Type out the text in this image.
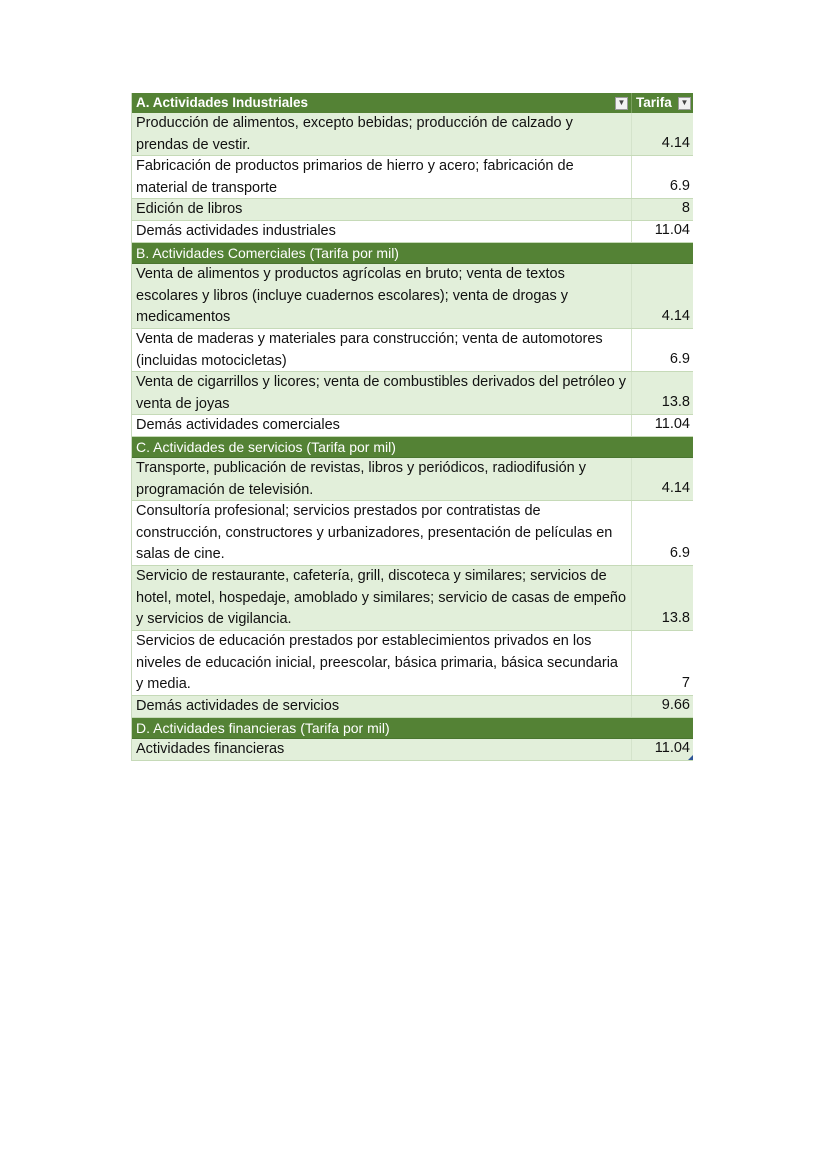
A. Actividades Industriales	▼ Tarifa	▼
Producción de alimentos, excepto bebidas; producción de calzado y prendas de vestir.	4.14
Fabricación de productos primarios de hierro y acero; fabricación de material de transporte	6.9
Edición de libros	8
Demás actividades industriales	11.04
B. Actividades Comerciales (Tarifa por mil)
Venta de alimentos y productos agrícolas en bruto; venta de textos escolares y libros (incluye cuadernos escolares); venta de drogas y medicamentos	4.14
Venta de maderas y materiales para construcción; venta de automotores (incluidas motocicletas)	6.9
Venta de cigarrillos y licores; venta de combustibles derivados del petróleo y venta de joyas	13.8
Demás actividades comerciales	11.04
C. Actividades de servicios (Tarifa por mil)
Transporte, publicación de revistas, libros y periódicos, radiodifusión y programación de televisión.	4.14
Consultoría profesional; servicios prestados por contratistas de construcción, constructores y urbanizadores, presentación de películas en salas de cine.	6.9
Servicio de restaurante, cafetería, grill, discoteca y similares; servicios de hotel, motel, hospedaje, amoblado y similares; servicio de casas de empeño y servicios de vigilancia.	13.8
Servicios de educación prestados por establecimientos privados en los niveles de educación inicial, preescolar, básica primaria, básica secundaria y media.	7
Demás actividades de servicios	9.66
D. Actividades financieras (Tarifa por mil)
Actividades financieras	11.04
